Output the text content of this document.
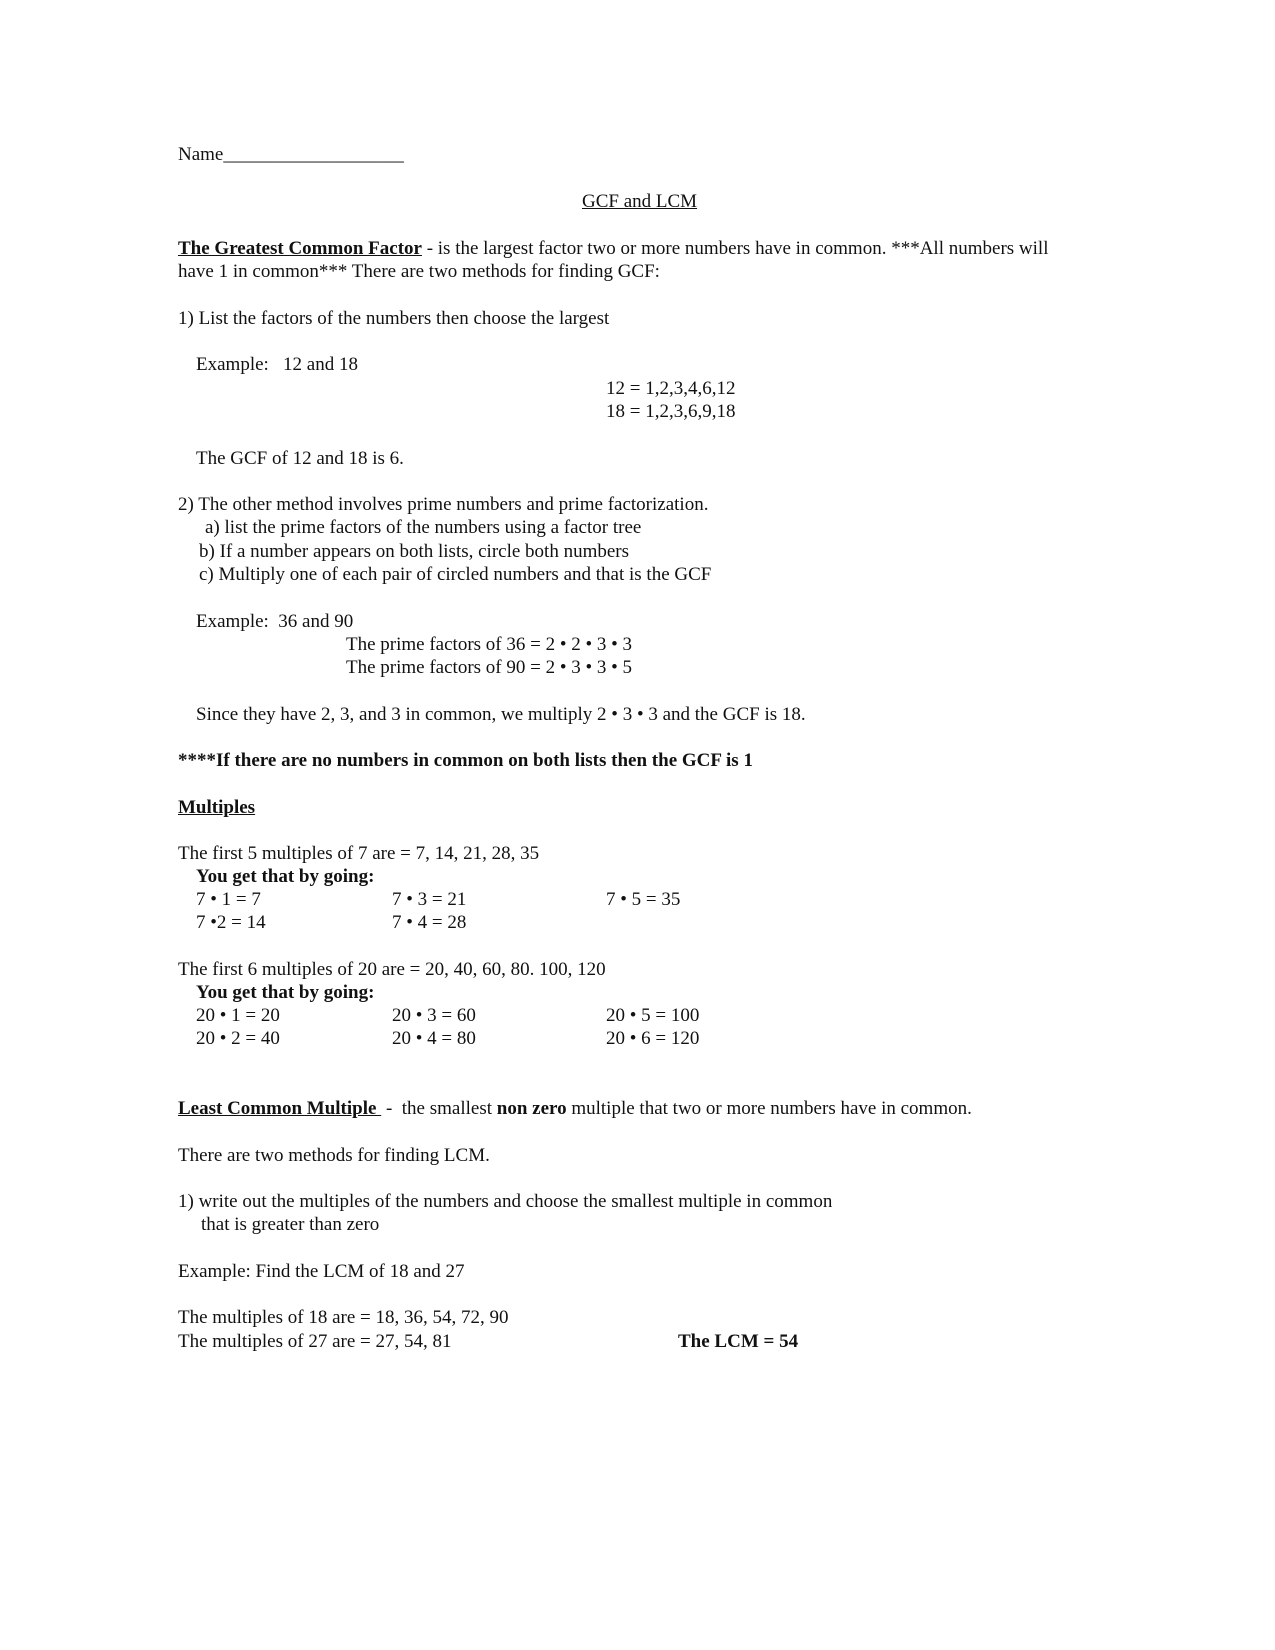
Name___________________
GCF and LCM
The Greatest Common Factor - is the largest factor two or more numbers have in common. ***All numbers will
have 1 in common*** There are two methods for finding GCF:
1) List the factors of the numbers then choose the largest
Example:   12 and 18
12 = 1,2,3,4,6,12
18 = 1,2,3,6,9,18
The GCF of 12 and 18 is 6.
2) The other method involves prime numbers and prime factorization.
a) list the prime factors of the numbers using a factor tree
b) If a number appears on both lists, circle both numbers
c) Multiply one of each pair of circled numbers and that is the GCF
Example:  36 and 90
The prime factors of 36 = 2 • 2 • 3 • 3
The prime factors of 90 = 2 • 3 • 3 • 5
Since they have 2, 3, and 3 in common, we multiply 2 • 3 • 3 and the GCF is 18.
****If there are no numbers in common on both lists then the GCF is 1
Multiples
The first 5 multiples of 7 are = 7, 14, 21, 28, 35
You get that by going:
7 • 1 = 7	7 • 3 = 21	7 • 5 = 35
7 •2 = 14	7 • 4 = 28
The first 6 multiples of 20 are = 20, 40, 60, 80. 100, 120
You get that by going:
20 • 1 = 20	20 • 3 = 60	20 • 5 = 100
20 • 2 = 40	20 • 4 = 80	20 • 6 = 120
Least Common Multiple  -  the smallest non zero multiple that two or more numbers have in common.
There are two methods for finding LCM.
1) write out the multiples of the numbers and choose the smallest multiple in common
that is greater than zero
Example: Find the LCM of 18 and 27
The multiples of 18 are = 18, 36, 54, 72, 90
The multiples of 27 are = 27, 54, 81	The LCM = 54
